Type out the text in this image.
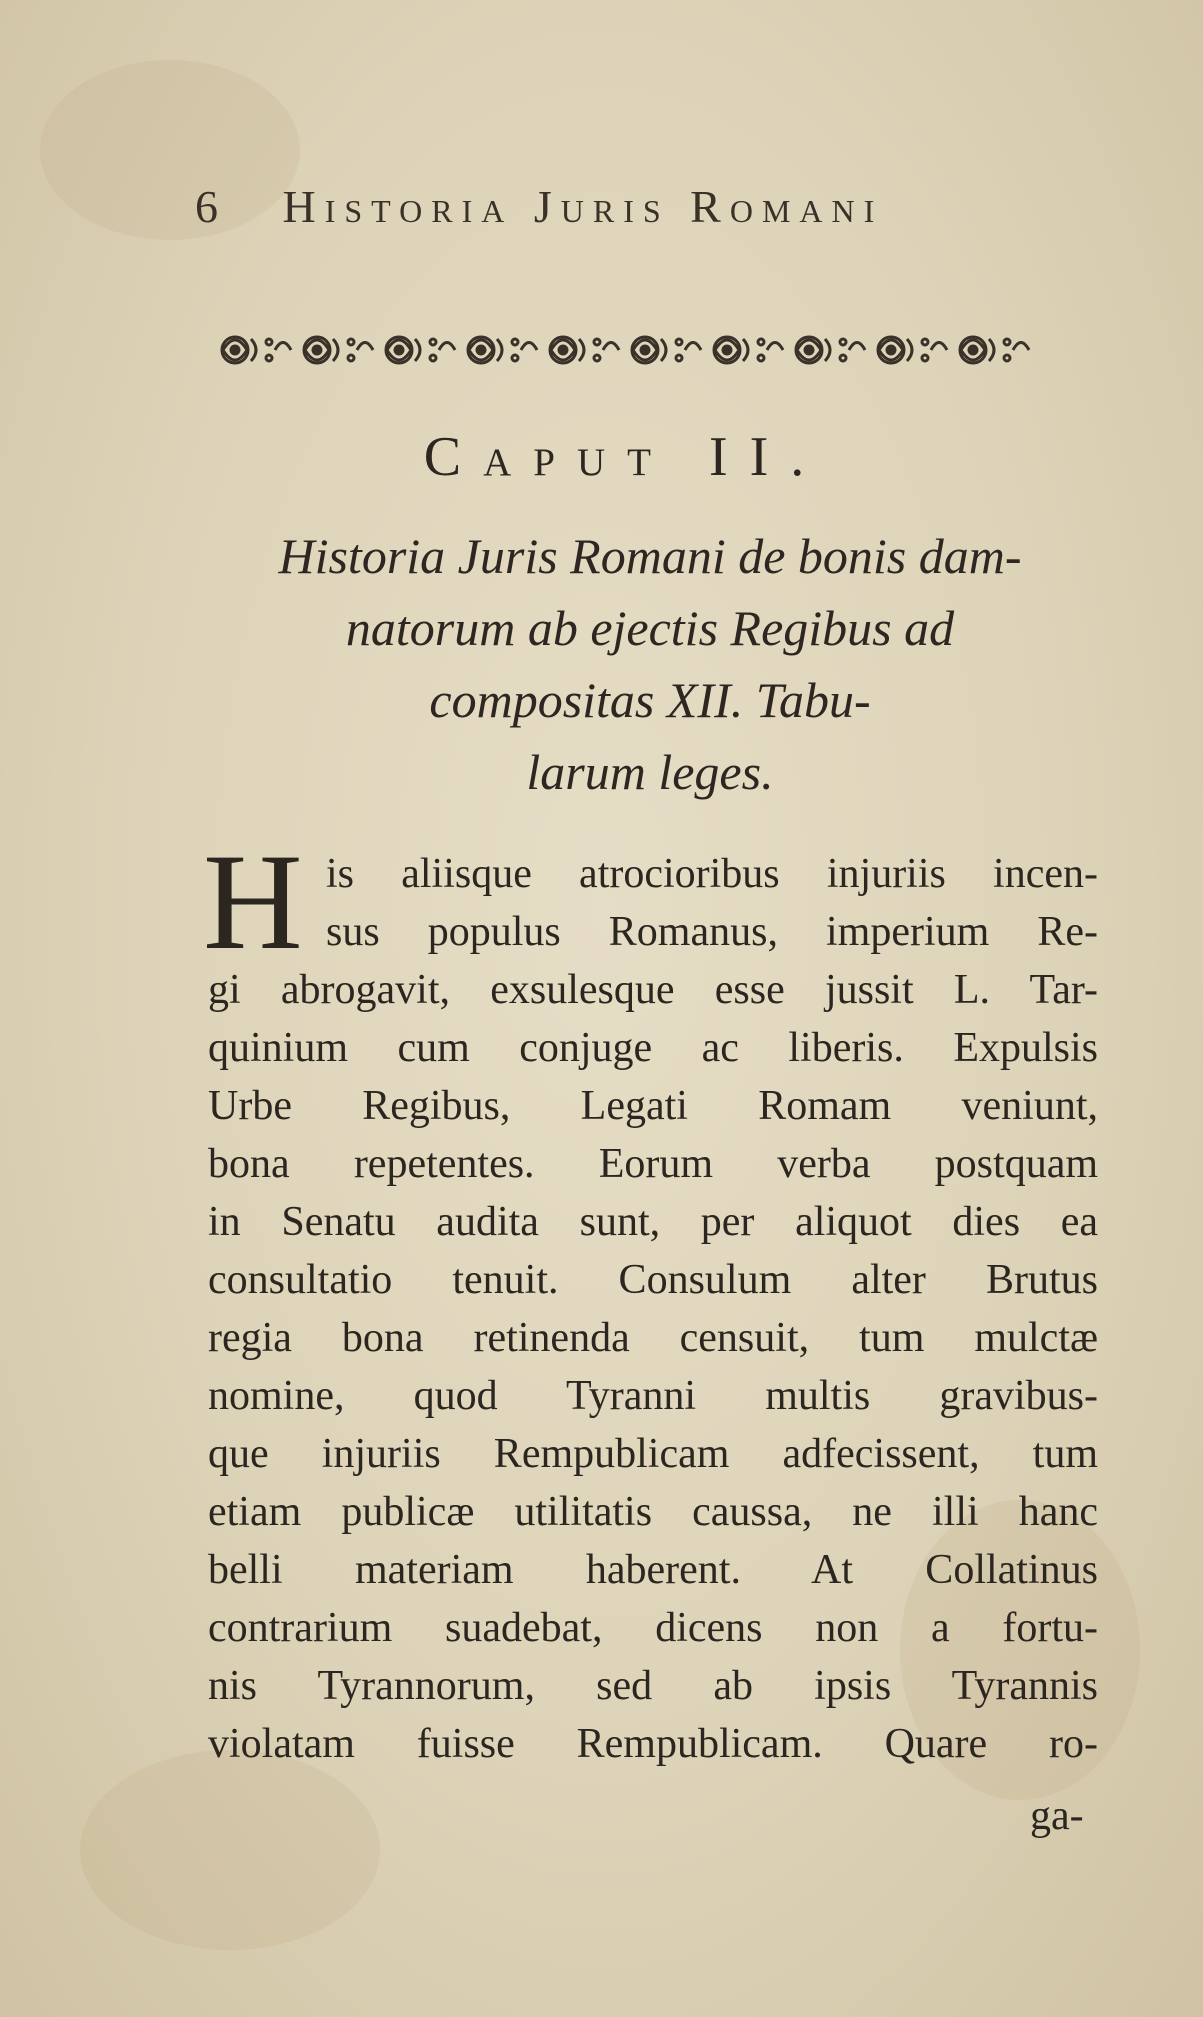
6 Historia Juris Romani
Caput II.
Historia Juris Romani de bonis dam-
natorum ab ejectis Regibus ad
compositas XII. Tabu-
larum leges.
H is aliisque atrocioribus injuriis incen-
sus populus Romanus, imperium Re-
gi abrogavit, exsulesque esse jussit L. Tar-
quinium cum conjuge ac liberis. Expulsis
Urbe Regibus, Legati Romam veniunt,
bona repetentes. Eorum verba postquam
in Senatu audita sunt, per aliquot dies ea
consultatio tenuit. Consulum alter Brutus
regia bona retinenda censuit, tum mulctæ
nomine, quod Tyranni multis gravibus-
que injuriis Rempublicam adfecissent, tum
etiam publicæ utilitatis caussa, ne illi hanc
belli materiam haberent. At Collatinus
contrarium suadebat, dicens non a fortu-
nis Tyrannorum, sed ab ipsis Tyrannis
violatam fuisse Rempublicam. Quare ro-
ga-
